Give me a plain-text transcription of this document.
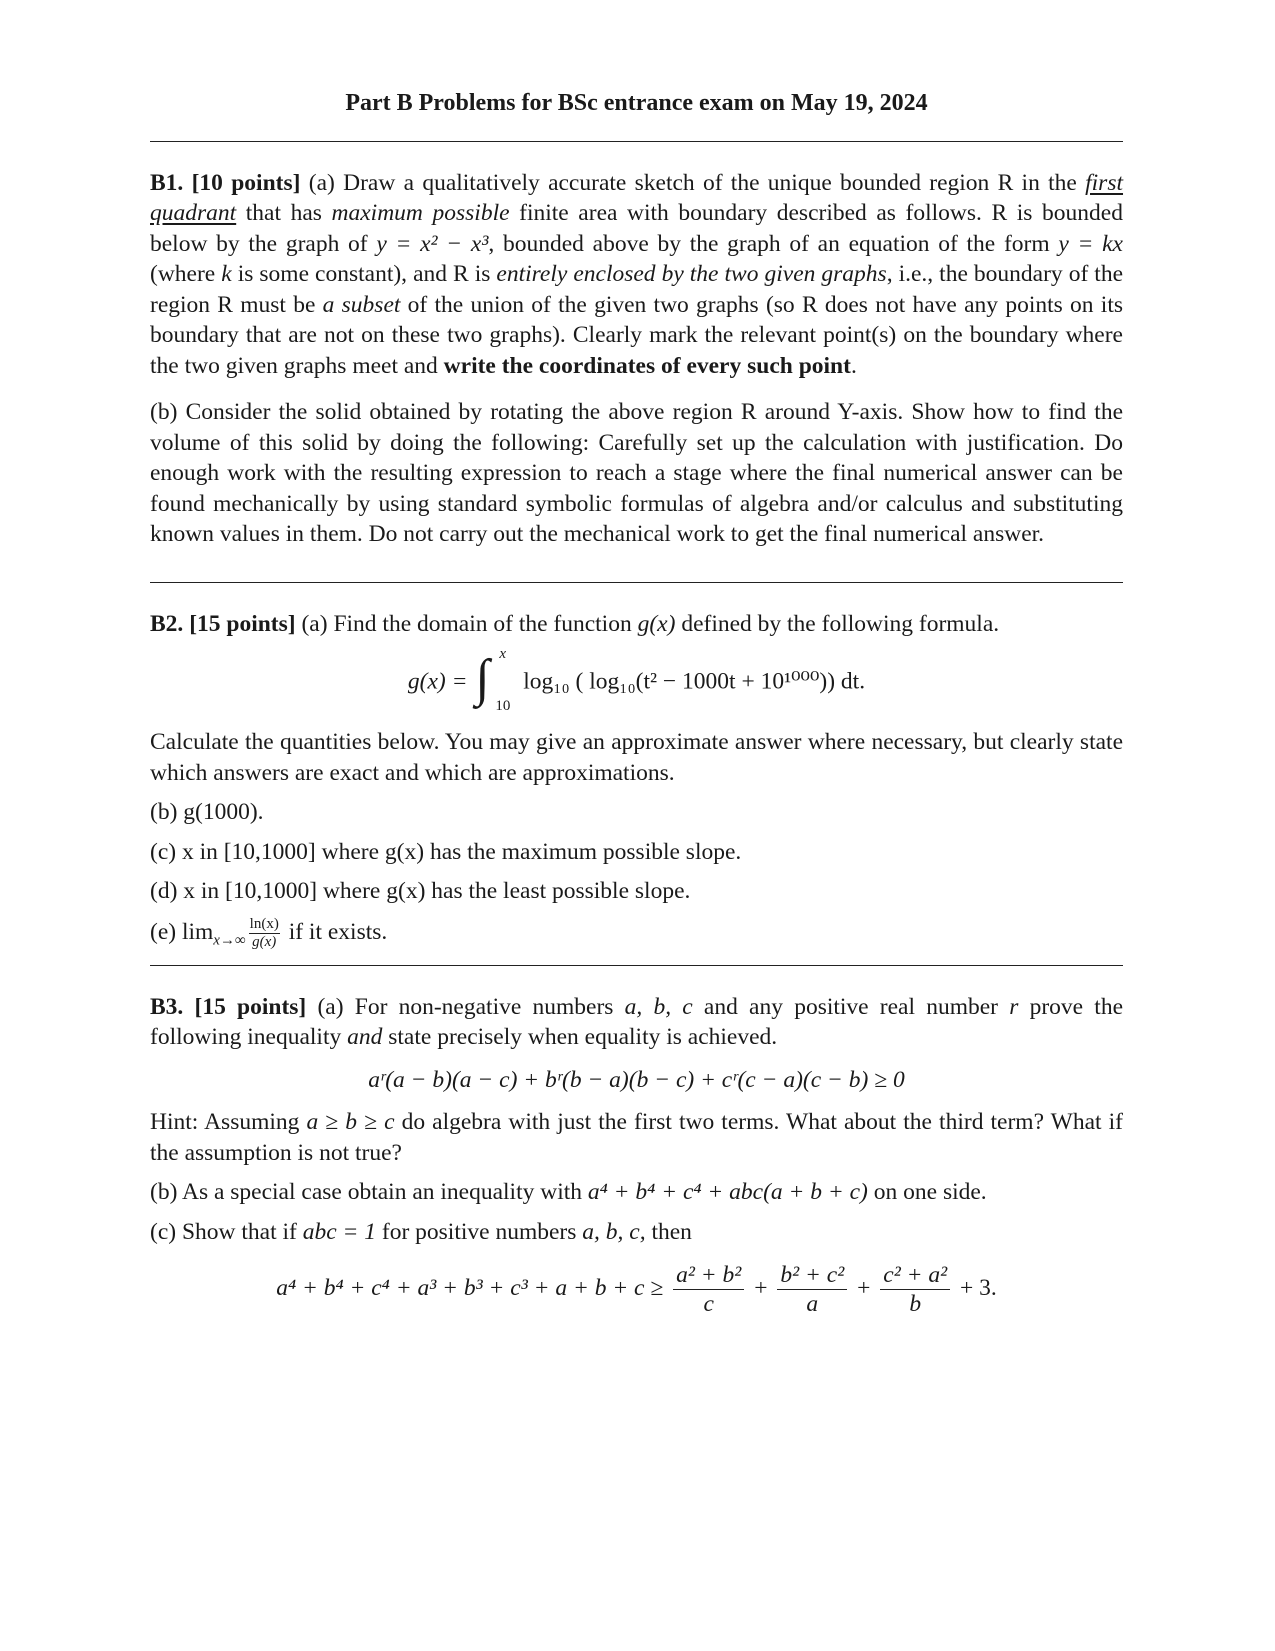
Part B Problems for BSc entrance exam on May 19, 2024

B1. [10 points] (a) Draw a qualitatively accurate sketch of the unique bounded region R in the first quadrant that has maximum possible finite area with boundary described as follows. R is bounded below by the graph of y = x² − x³, bounded above by the graph of an equation of the form y = kx (where k is some constant), and R is entirely enclosed by the two given graphs, i.e., the boundary of the region R must be a subset of the union of the given two graphs (so R does not have any points on its boundary that are not on these two graphs). Clearly mark the relevant point(s) on the boundary where the two given graphs meet and write the coordinates of every such point.

(b) Consider the solid obtained by rotating the above region R around Y-axis. Show how to find the volume of this solid by doing the following: Carefully set up the calculation with justification. Do enough work with the resulting expression to reach a stage where the final numerical answer can be found mechanically by using standard symbolic formulas of algebra and/or calculus and substituting known values in them. Do not carry out the mechanical work to get the final numerical answer.

B2. [15 points] (a) Find the domain of the function g(x) defined by the following formula.

g(x) = ∫ x
10
log₁₀ ( log₁₀(t² − 1000t + 10¹⁰⁰⁰)) dt.

Calculate the quantities below. You may give an approximate answer where necessary, but clearly state which answers are exact and which are approximations.

(b) g(1000).
(c) x in [10,1000] where g(x) has the maximum possible slope.
(d) x in [10,1000] where g(x) has the least possible slope.
(e) $\lim_{x\to\infty} \frac{\ln(x)}{g(x)}$ if it exists.

B3. [15 points] (a) For non-negative numbers a, b, c and any positive real number r prove the following inequality and state precisely when equality is achieved.

aʳ(a − b)(a − c) + bʳ(b − a)(b − c) + cʳ(c − a)(c − b) ≥ 0

Hint: Assuming a ≥ b ≥ c do algebra with just the first two terms. What about the third term? What if the assumption is not true?

(b) As a special case obtain an inequality with a⁴ + b⁴ + c⁴ + abc(a + b + c) on one side.
(c) Show that if abc = 1 for positive numbers a, b, c, then
$a^4 + b^4 + c^4 + a^3 + b^3 + c^3 + a + b + c \ge \frac{\text{a² + b²}}{c} + \frac{\text{b² + c²}}{a} + \frac{\text{c² + a²}}{b} + 3$.
